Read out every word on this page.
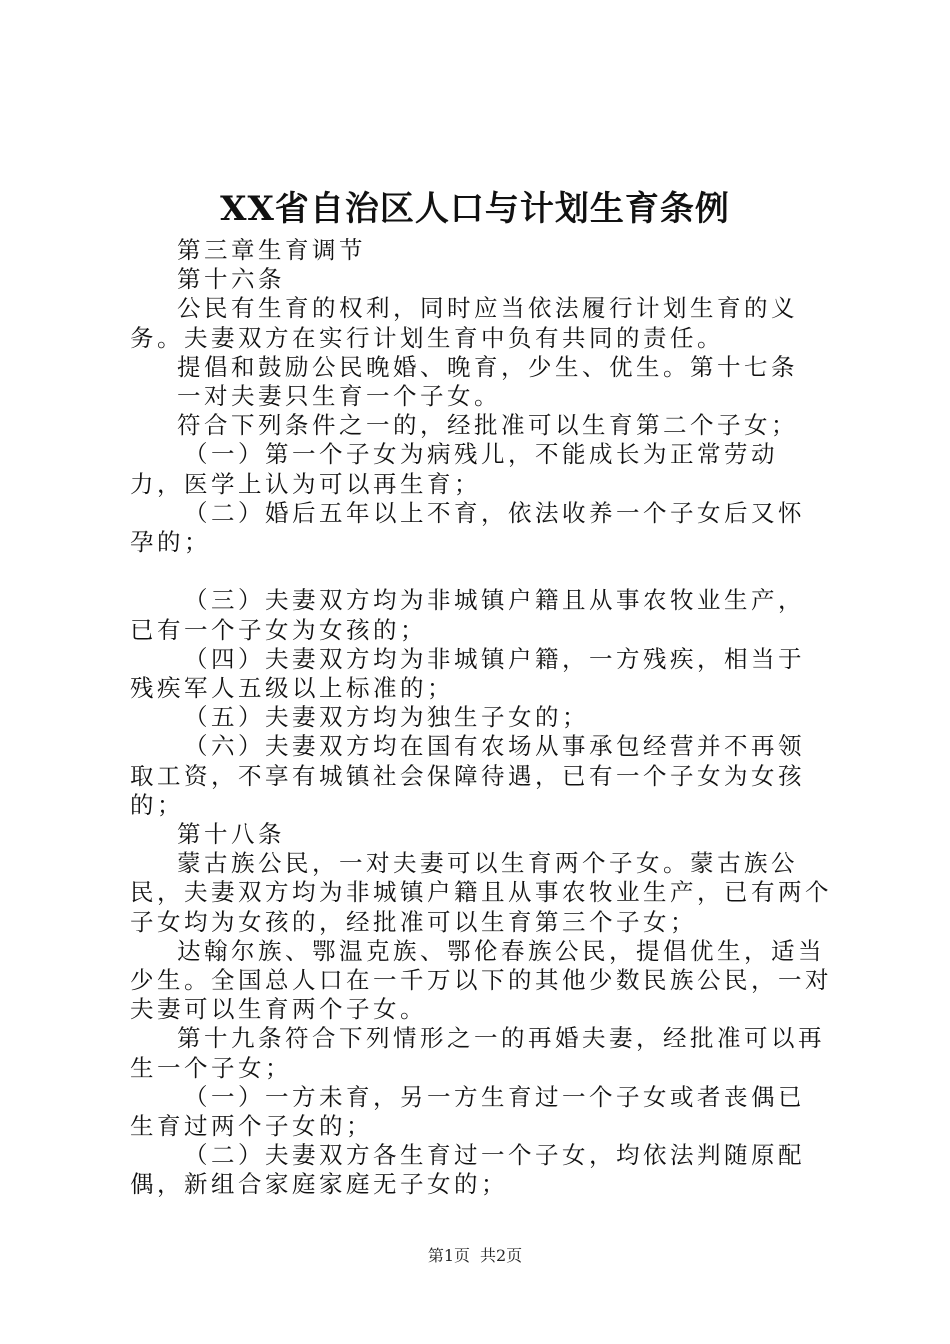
XX省自治区人口与计划生育条例

第三章生育调节

第十六条

公民有生育的权利，同时应当依法履行计划生育的义务。夫妻双方在实行计划生育中负有共同的责任。

提倡和鼓励公民晚婚、晚育，少生、优生。第十七条

一对夫妻只生育一个子女。

符合下列条件之一的，经批准可以生育第二个子女；

（一）第一个子女为病残儿，不能成长为正常劳动力，医学上认为可以再生育；

（二）婚后五年以上不育，依法收养一个子女后又怀孕的；

（三）夫妻双方均为非城镇户籍且从事农牧业生产，已有一个子女为女孩的；

（四）夫妻双方均为非城镇户籍，一方残疾，相当于残疾军人五级以上标准的；

（五）夫妻双方均为独生子女的；

（六）夫妻双方均在国有农场从事承包经营并不再领取工资，不享有城镇社会保障待遇，已有一个子女为女孩的；

第十八条

蒙古族公民，一对夫妻可以生育两个子女。蒙古族公民，夫妻双方均为非城镇户籍且从事农牧业生产，已有两个子女均为女孩的，经批准可以生育第三个子女；

达翰尔族、鄂温克族、鄂伦春族公民，提倡优生，适当少生。全国总人口在一千万以下的其他少数民族公民，一对夫妻可以生育两个子女。

第十九条符合下列情形之一的再婚夫妻，经批准可以再生一个子女；

（一）一方未育，另一方生育过一个子女或者丧偶已生育过两个子女的；

（二）夫妻双方各生育过一个子女，均依法判随原配偶，新组合家庭家庭无子女的；

第1页 共2页
